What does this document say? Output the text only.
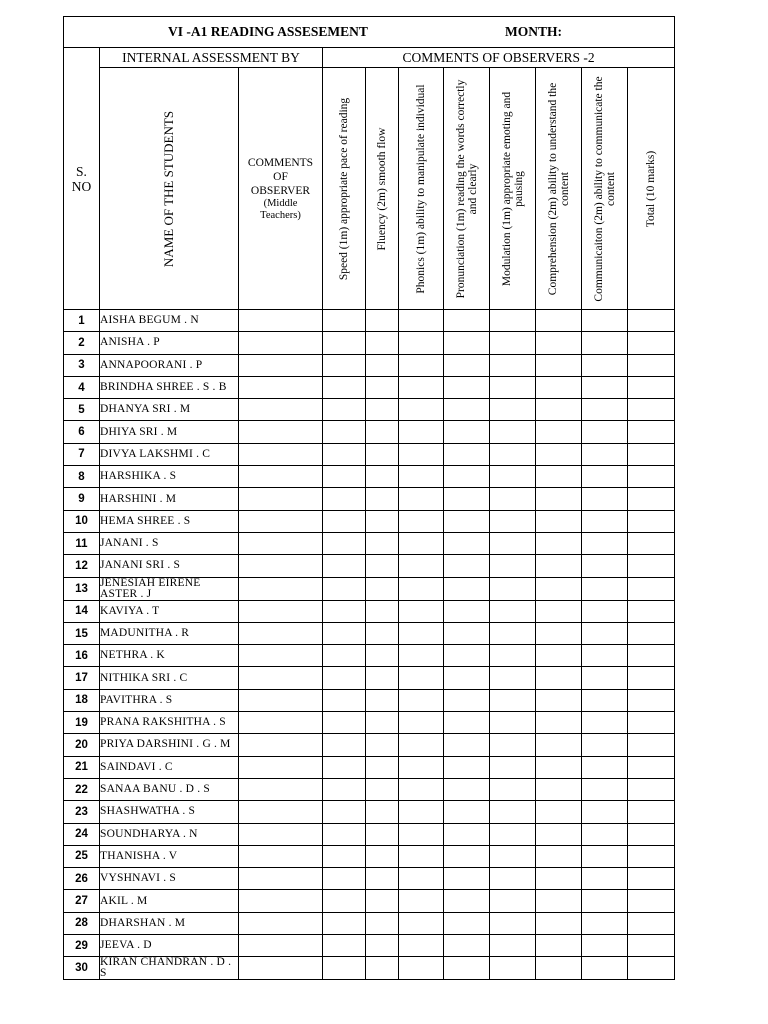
VI -A1 READING ASSESEMENT MONTH:										

S.
NO	INTERNAL ASSESSMENT BY		COMMENTS OF OBSERVERS -2							

	NAME OF THE STUDENTS	COMMENTS
OF
OBSERVER

(Middle
Teachers)	Speed (1m) appropriate pace of reading	Fluency (2m) smooth flow	Phonics (1m) ability to manipulate individual	Pronunciation (1m) reading the words correctly and clearly	Modulation (1m) appropriate emoting and pausing	Comprehension (2m) ability to understand the content	Communicaiton (2m) ability to communicate the content	Total (10 marks)

1	AISHA BEGUM . N									
2	ANISHA . P									
3	ANNAPOORANI . P									
4	BRINDHA SHREE . S . B									
5	DHANYA SRI . M									
6	DHIYA SRI . M									
7	DIVYA LAKSHMI . C									
8	HARSHIKA . S									
9	HARSHINI . M									
10	HEMA SHREE . S									
11	JANANI . S									
12	JANANI SRI . S									
13	JENESIAH EIRENE ASTER . J									
14	KAVIYA . T									
15	MADUNITHA . R									
16	NETHRA . K									
17	NITHIKA SRI . C									
18	PAVITHRA . S									
19	PRANA RAKSHITHA . S									
20	PRIYA DARSHINI . G . M									
21	SAINDAVI . C									
22	SANAA BANU . D . S									
23	SHASHWATHA . S									
24	SOUNDHARYA . N									
25	THANISHA . V									
26	VYSHNAVI . S									
27	AKIL . M									
28	DHARSHAN . M									
29	JEEVA . D									
30	KIRAN CHANDRAN . D . S									
